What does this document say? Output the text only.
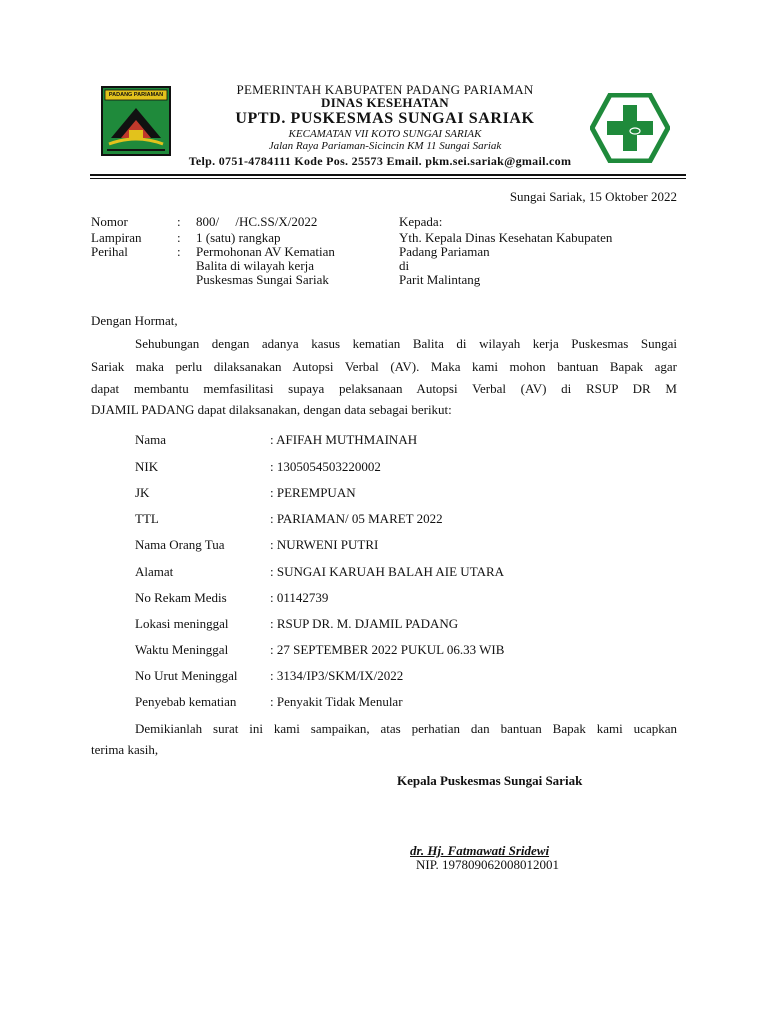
PADANG PARIAMAN	PEMERINTAH KABUPATEN PADANG PARIAMAN
DINAS KESEHATAN
UPTD. PUSKESMAS SUNGAI SARIAK
KECAMATAN VII KOTO SUNGAI SARIAK
Jalan Raya Pariaman-Sicincin KM 11 Sungai Sariak
Telp. 0751-4784111 Kode Pos. 25573 Email. pkm.sei.sariak@gmail.com
Sungai Sariak, 15 Oktober 2022
Nomor	: 800/     /HC.SS/X/2022
Lampiran	: 1 (satu) rangkap
Perihal	: Permohonan AV Kematian
Balita di wilayah kerja
Puskesmas Sungai Sariak
Kepada:
Yth. Kepala Dinas Kesehatan Kabupaten
Padang Pariaman
di
Parit Malintang
Dengan Hormat,
Sehubungan dengan adanya kasus kematian Balita di wilayah kerja Puskesmas Sungai
Sariak maka perlu dilaksanakan Autopsi Verbal (AV). Maka kami mohon bantuan Bapak agar
dapat membantu memfasilitasi supaya pelaksanaan Autopsi Verbal (AV) di RSUP DR M
DJAMIL PADANG dapat dilaksanakan, dengan data sebagai berikut:
Nama	: AFIFAH MUTHMAINAH
NIK	: 1305054503220002
JK	: PEREMPUAN
TTL	: PARIAMAN/ 05 MARET 2022
Nama Orang Tua	: NURWENI PUTRI
Alamat	: SUNGAI KARUAH BALAH AIE UTARA
No Rekam Medis	: 01142739
Lokasi meninggal	: RSUP DR. M. DJAMIL PADANG
Waktu Meninggal	: 27 SEPTEMBER 2022 PUKUL 06.33 WIB
No Urut Meninggal : 3134/IP3/SKM/IX/2022
Penyebab kematian	: Penyakit Tidak Menular
Demikianlah surat ini kami sampaikan, atas perhatian dan bantuan Bapak kami ucapkan
terima kasih,
Kepala Puskesmas Sungai Sariak
dr. Hj. Fatmawati Sridewi
NIP. 197809062008012001
